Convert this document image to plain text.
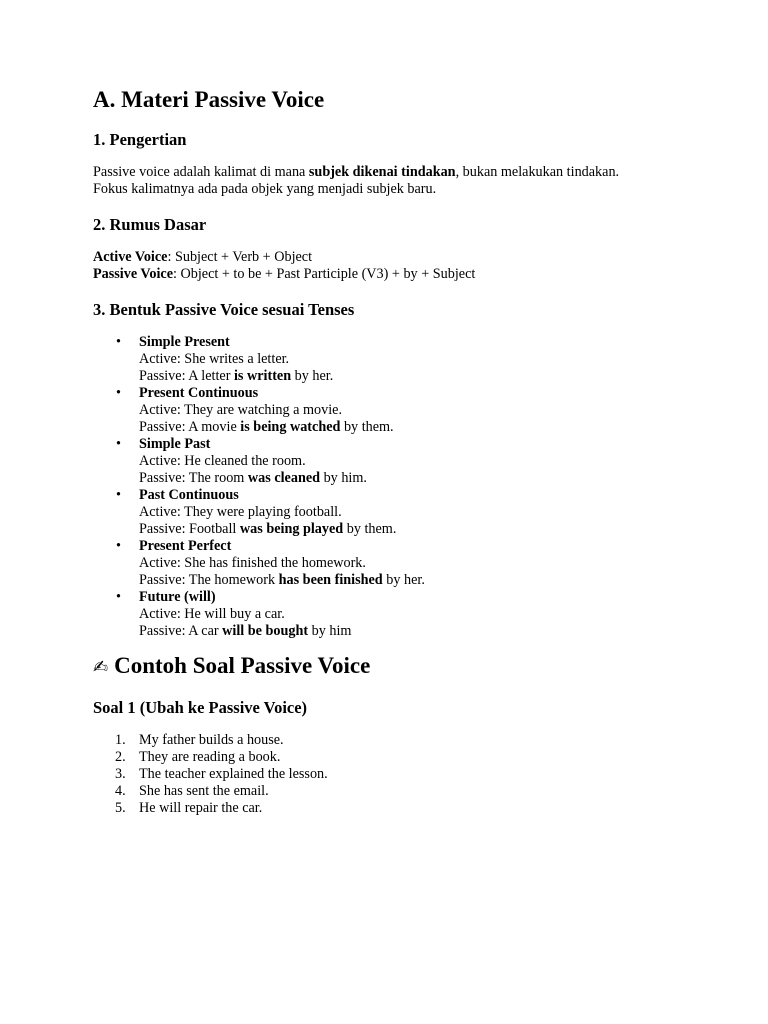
A. Materi Passive Voice
1. Pengertian

Passive voice adalah kalimat di mana subjek dikenai tindakan, bukan melakukan tindakan.
Fokus kalimatnya ada pada objek yang menjadi subjek baru.

2. Rumus Dasar

Active Voice: Subject + Verb + Object
Passive Voice: Object + to be + Past Participle (V3) + by + Subject

3. Bentuk Passive Voice sesuai Tenses
• Simple Present
Active: She writes a letter.
Passive: A letter is written by her.
• Present Continuous
Active: They are watching a movie.
Passive: A movie is being watched by them.
• Simple Past
Active: He cleaned the room.
Passive: The room was cleaned by him.
• Past Continuous
Active: They were playing football.
Passive: Football was being played by them.
• Present Perfect
Active: She has finished the homework.
Passive: The homework has been finished by her.
• Future (will)
Active: He will buy a car.
Passive: A car will be bought by him
✍ Contoh Soal Passive Voice
Soal 1 (Ubah ke Passive Voice)
1. My father builds a house.
2. They are reading a book.
3. The teacher explained the lesson.
4. She has sent the email.
5. He will repair the car.
